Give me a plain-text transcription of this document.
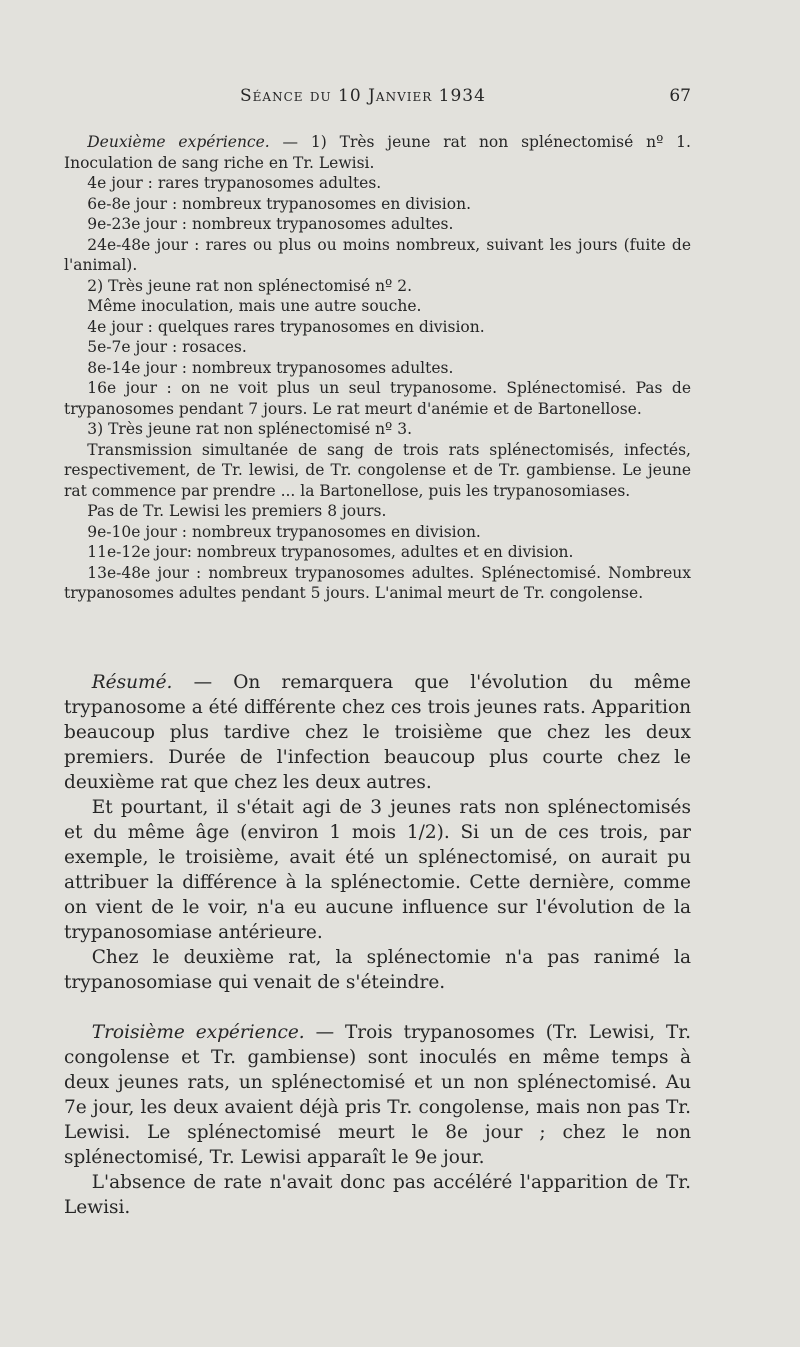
Séance du 10 Janvier 1934	67

Deuxième expérience. — 1) Très jeune rat non splénectomisé nº 1. Inoculation de sang riche en Tr. Lewisi.

4e jour : rares trypanosomes adultes.

6e-8e jour : nombreux trypanosomes en division.

9e-23e jour : nombreux trypanosomes adultes.

24e-48e jour : rares ou plus ou moins nombreux, suivant les jours (fuite de l'animal).

2) Très jeune rat non splénectomisé nº 2.

Même inoculation, mais une autre souche.

4e jour : quelques rares trypanosomes en division.

5e-7e jour : rosaces.

8e-14e jour : nombreux trypanosomes adultes.

16e jour : on ne voit plus un seul trypanosome. Splénectomisé. Pas de trypanosomes pendant 7 jours. Le rat meurt d'anémie et de Bartonellose.

3) Très jeune rat non splénectomisé nº 3.

Transmission simultanée de sang de trois rats splénectomisés, infectés, respectivement, de Tr. lewisi, de Tr. congolense et de Tr. gambiense. Le jeune rat commence par prendre ... la Bartonellose, puis les trypanosomiases.

Pas de Tr. Lewisi les premiers 8 jours.

9e-10e jour : nombreux trypanosomes en division.

11e-12e jour: nombreux trypanosomes, adultes et en division.

13e-48e jour : nombreux trypanosomes adultes. Splénectomisé. Nombreux trypanosomes adultes pendant 5 jours. L'animal meurt de Tr. congolense.

Résumé. — On remarquera que l'évolution du même trypanosome a été différente chez ces trois jeunes rats. Apparition beaucoup plus tardive chez le troisième que chez les deux premiers. Durée de l'infection beaucoup plus courte chez le deuxième rat que chez les deux autres.

Et pourtant, il s'était agi de 3 jeunes rats non splénectomisés et du même âge (environ 1 mois 1/2). Si un de ces trois, par exemple, le troisième, avait été un splénectomisé, on aurait pu attribuer la différence à la splénectomie. Cette dernière, comme on vient de le voir, n'a eu aucune influence sur l'évolution de la trypanosomiase antérieure.

Chez le deuxième rat, la splénectomie n'a pas ranimé la trypanosomiase qui venait de s'éteindre.

Troisième expérience. — Trois trypanosomes (Tr. Lewisi, Tr. congolense et Tr. gambiense) sont inoculés en même temps à deux jeunes rats, un splénectomisé et un non splénectomisé. Au 7e jour, les deux avaient déjà pris Tr. congolense, mais non pas Tr. Lewisi. Le splénectomisé meurt le 8e jour ; chez le non splénectomisé, Tr. Lewisi apparaît le 9e jour.

L'absence de rate n'avait donc pas accéléré l'apparition de Tr. Lewisi.
